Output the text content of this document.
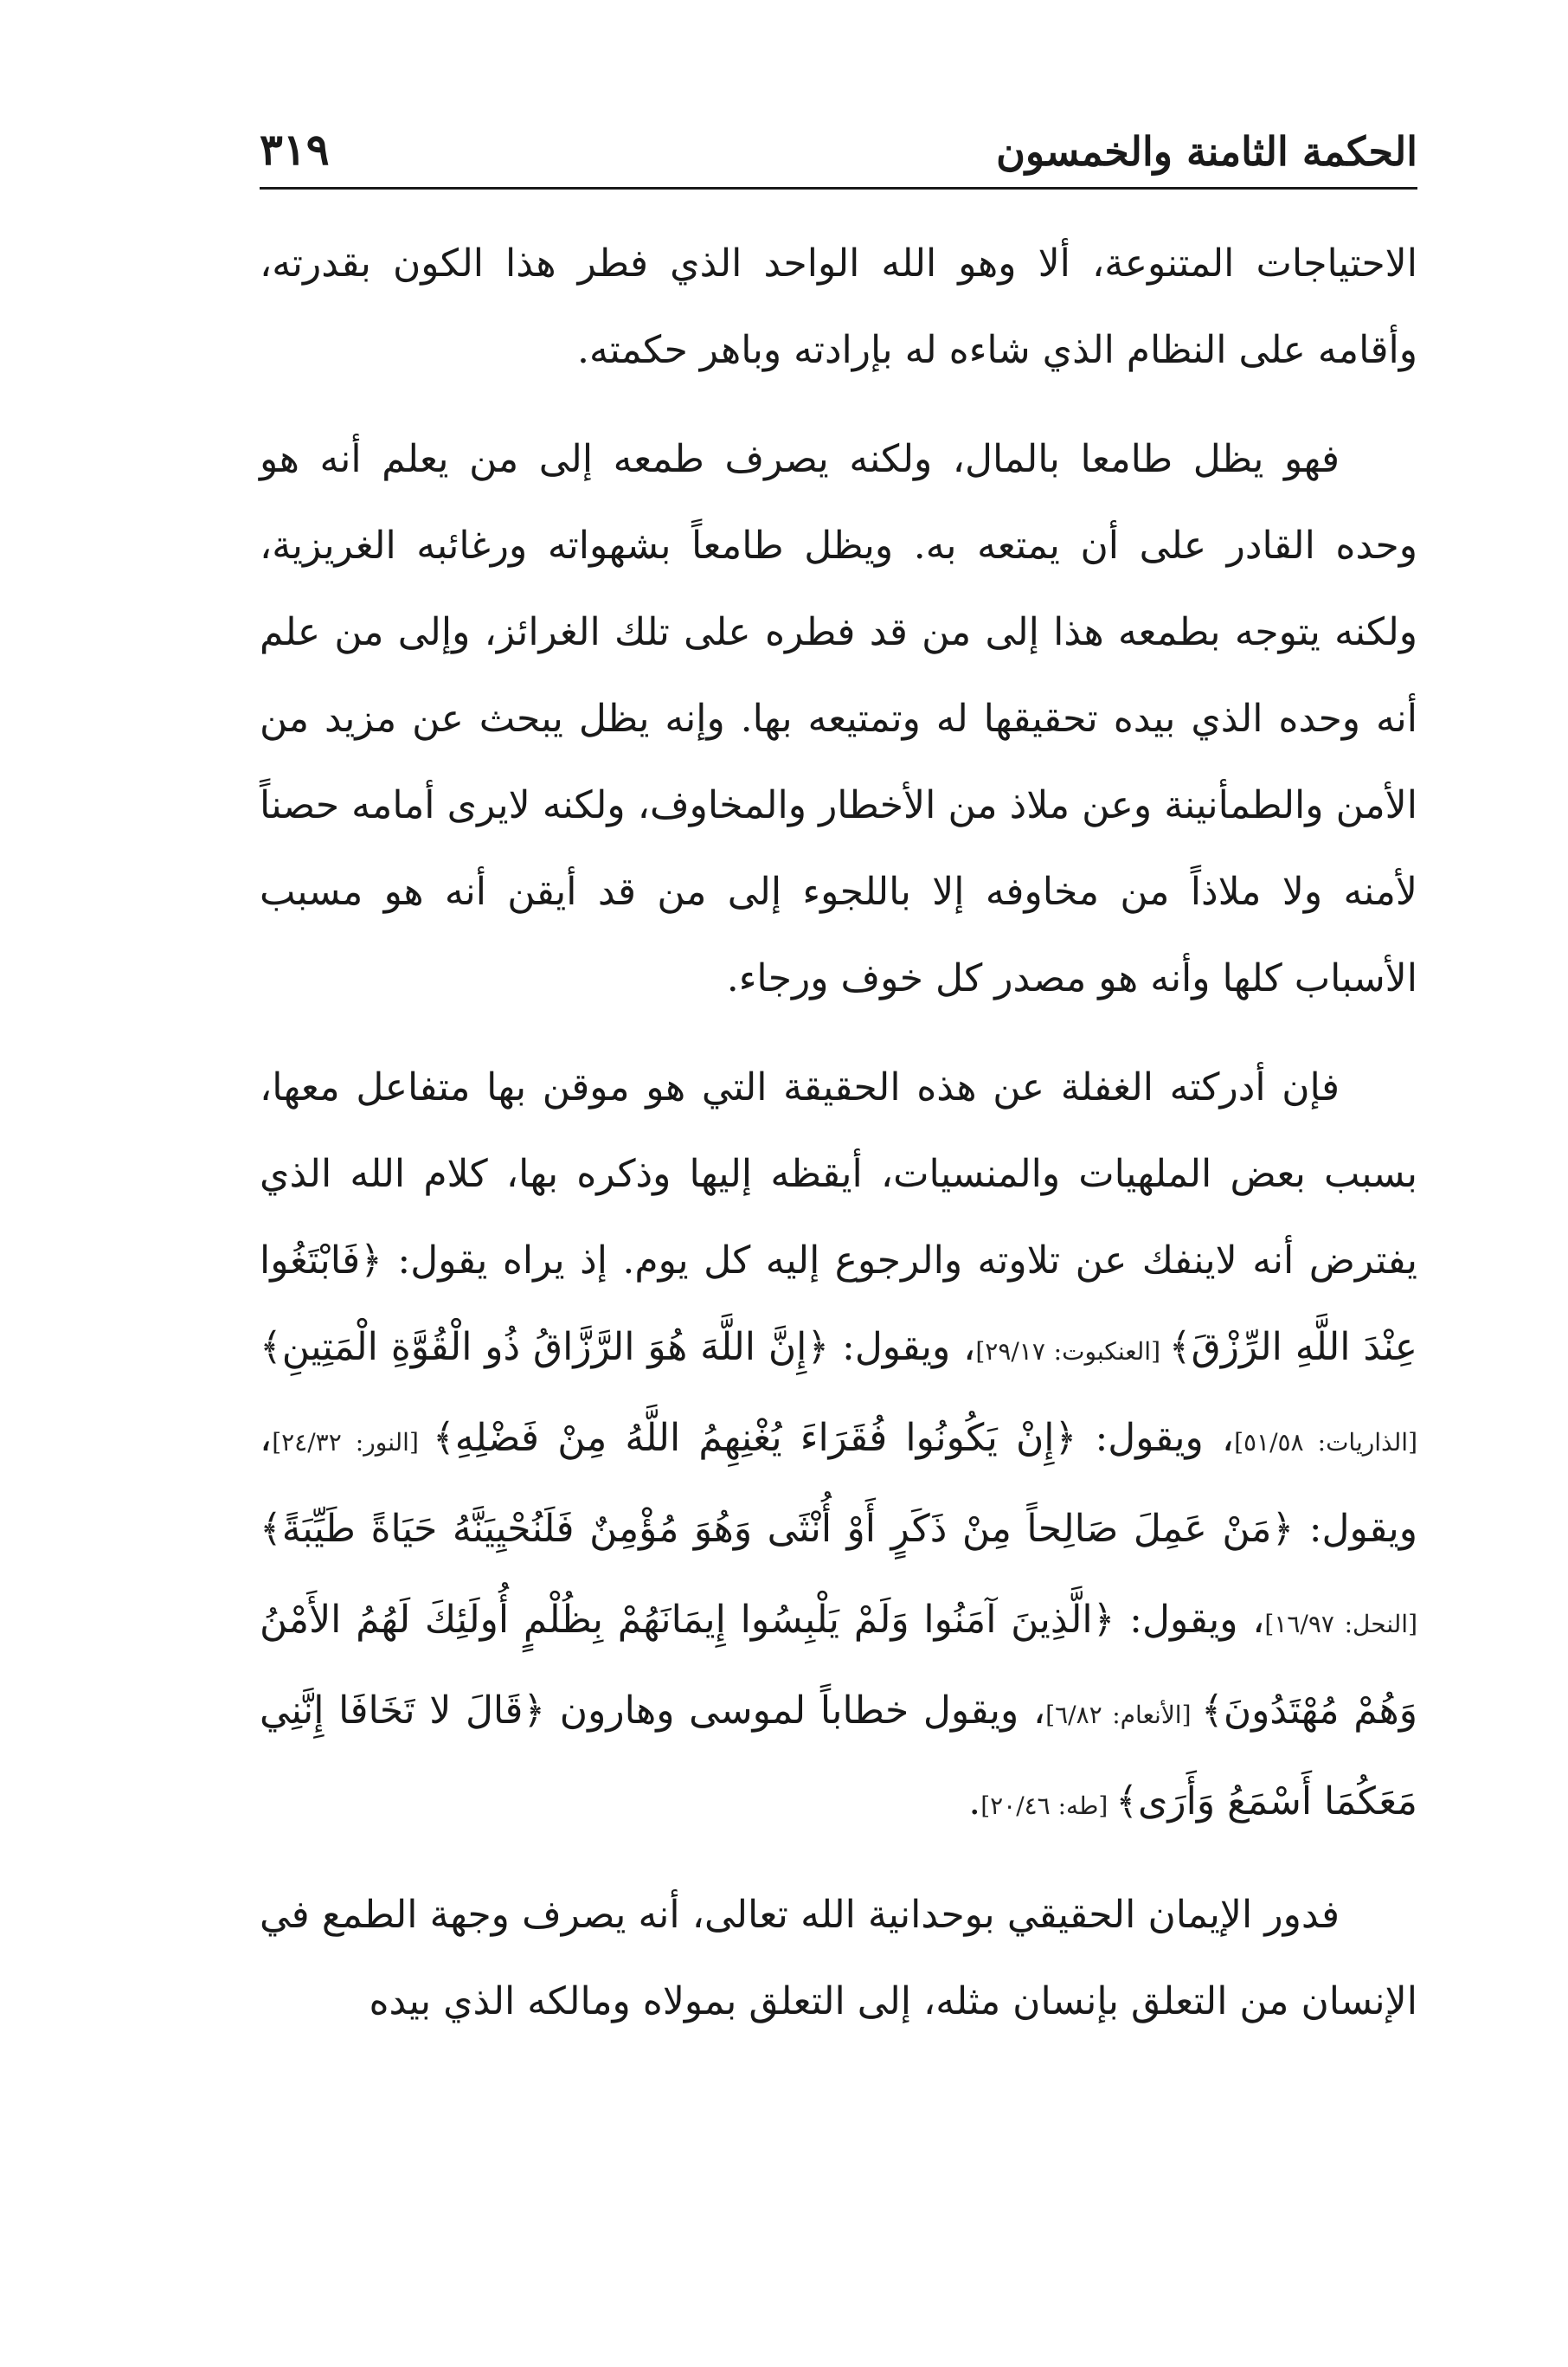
الحكمة الثامنة والخمسون
٣١٩

الاحتياجات المتنوعة، ألا وهو الله الواحد الذي فطر هذا الكون بقدرته، وأقامه على النظام الذي شاءه له بإرادته وباهر حكمته.

فهو يظل طامعا بالمال، ولكنه يصرف طمعه إلى من يعلم أنه هو وحده القادر على أن يمتعه به. ويظل طامعاً بشهواته ورغائبه الغريزية، ولكنه يتوجه بطمعه هذا إلى من قد فطره على تلك الغرائز، وإلى من علم أنه وحده الذي بيده تحقيقها له وتمتيعه بها. وإنه يظل يبحث عن مزيد من الأمن والطمأنينة وعن ملاذ من الأخطار والمخاوف، ولكنه لايرى أمامه حصناً لأمنه ولا ملاذاً من مخاوفه إلا باللجوء إلى من قد أيقن أنه هو مسبب الأسباب كلها وأنه هو مصدر كل خوف ورجاء.

فإن أدركته الغفلة عن هذه الحقيقة التي هو موقن بها متفاعل معها، بسبب بعض الملهيات والمنسيات، أيقظه إليها وذكره بها، كلام الله الذي يفترض أنه لاينفك عن تلاوته والرجوع إليه كل يوم. إذ يراه يقول: ﴿فَابْتَغُوا عِنْدَ اللَّهِ الرِّزْقَ﴾ [العنكبوت: ٢٩/١٧]، ويقول: ﴿إِنَّ اللَّهَ هُوَ الرَّزَّاقُ ذُو الْقُوَّةِ الْمَتِينِ﴾ [الذاريات: ٥١/٥٨]، ويقول: ﴿إِنْ يَكُونُوا فُقَرَاءَ يُغْنِهِمُ اللَّهُ مِنْ فَضْلِهِ﴾ [النور: ٢٤/٣٢]، ويقول: ﴿مَنْ عَمِلَ صَالِحاً مِنْ ذَكَرٍ أَوْ أُنْثَى وَهُوَ مُؤْمِنٌ فَلَنُحْيِيَنَّهُ حَيَاةً طَيِّبَةً﴾ [النحل: ١٦/٩٧]، ويقول: ﴿الَّذِينَ آمَنُوا وَلَمْ يَلْبِسُوا إِيمَانَهُمْ بِظُلْمٍ أُولَئِكَ لَهُمُ الأَمْنُ وَهُمْ مُهْتَدُونَ﴾ [الأنعام: ٦/٨٢]، ويقول خطاباً لموسى وهارون ﴿قَالَ لا تَخَافَا إِنَّنِي مَعَكُمَا أَسْمَعُ وَأَرَى﴾ [طه: ٢٠/٤٦].

فدور الإيمان الحقيقي بوحدانية الله تعالى، أنه يصرف وجهة الطمع في الإنسان من التعلق بإنسان مثله، إلى التعلق بمولاه ومالكه الذي بيده
